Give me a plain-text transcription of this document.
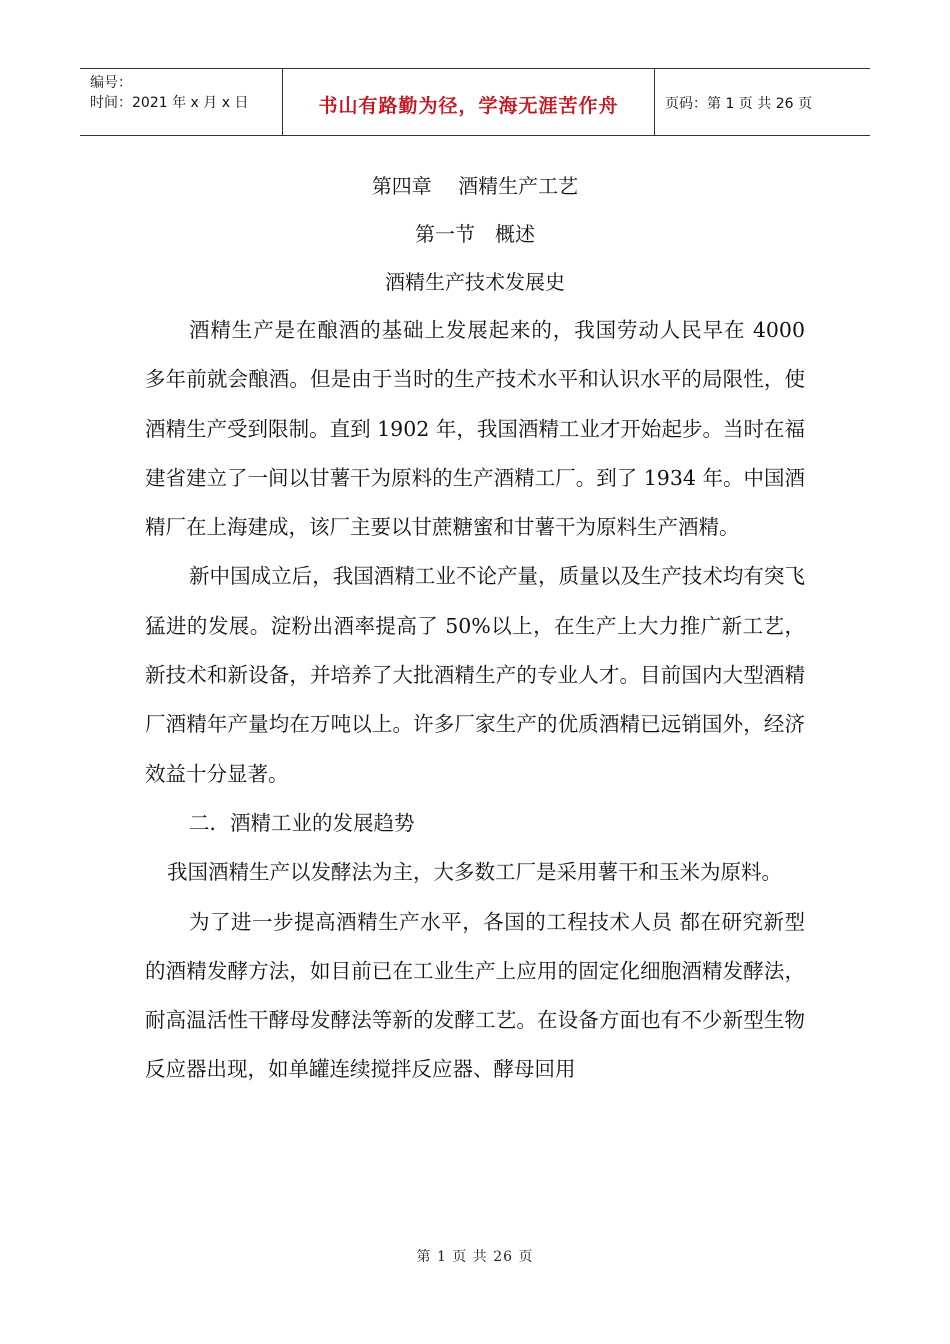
编号：
时间：2021 年 x 月 x 日	书山有路勤为径，学海无涯苦作舟	页码：第 1 页 共 26 页
第四章　 酒精生产工艺
第一节　概述
酒精生产技术发展史

酒精生产是在酿酒的基础上发展起来的，我国劳动人民早在 4000 多年前就会酿酒。但是由于当时的生产技术水平和认识水平的局限性，使酒精生产受到限制。直到 1902 年，我国酒精工业才开始起步。当时在福建省建立了一间以甘薯干为原料的生产酒精工厂。到了 1934 年。中国酒精厂在上海建成，该厂主要以甘蔗糖蜜和甘薯干为原料生产酒精。

新中国成立后，我国酒精工业不论产量，质量以及生产技术均有突飞猛进的发展。淀粉出酒率提高了 50%以上，在生产上大力推广新工艺，新技术和新设备，并培养了大批酒精生产的专业人才。目前国内大型酒精厂酒精年产量均在万吨以上。许多厂家生产的优质酒精已远销国外，经济效益十分显著。

二．酒精工业的发展趋势

我国酒精生产以发酵法为主，大多数工厂是采用薯干和玉米为原料。

为了进一步提高酒精生产水平，各国的工程技术人员 都在研究新型的酒精发酵方法，如目前已在工业生产上应用的固定化细胞酒精发酵法，耐高温活性干酵母发酵法等新的发酵工艺。在设备方面也有不少新型生物反应器出现，如单罐连续搅拌反应器、酵母回用

第 1 页 共 26 页
